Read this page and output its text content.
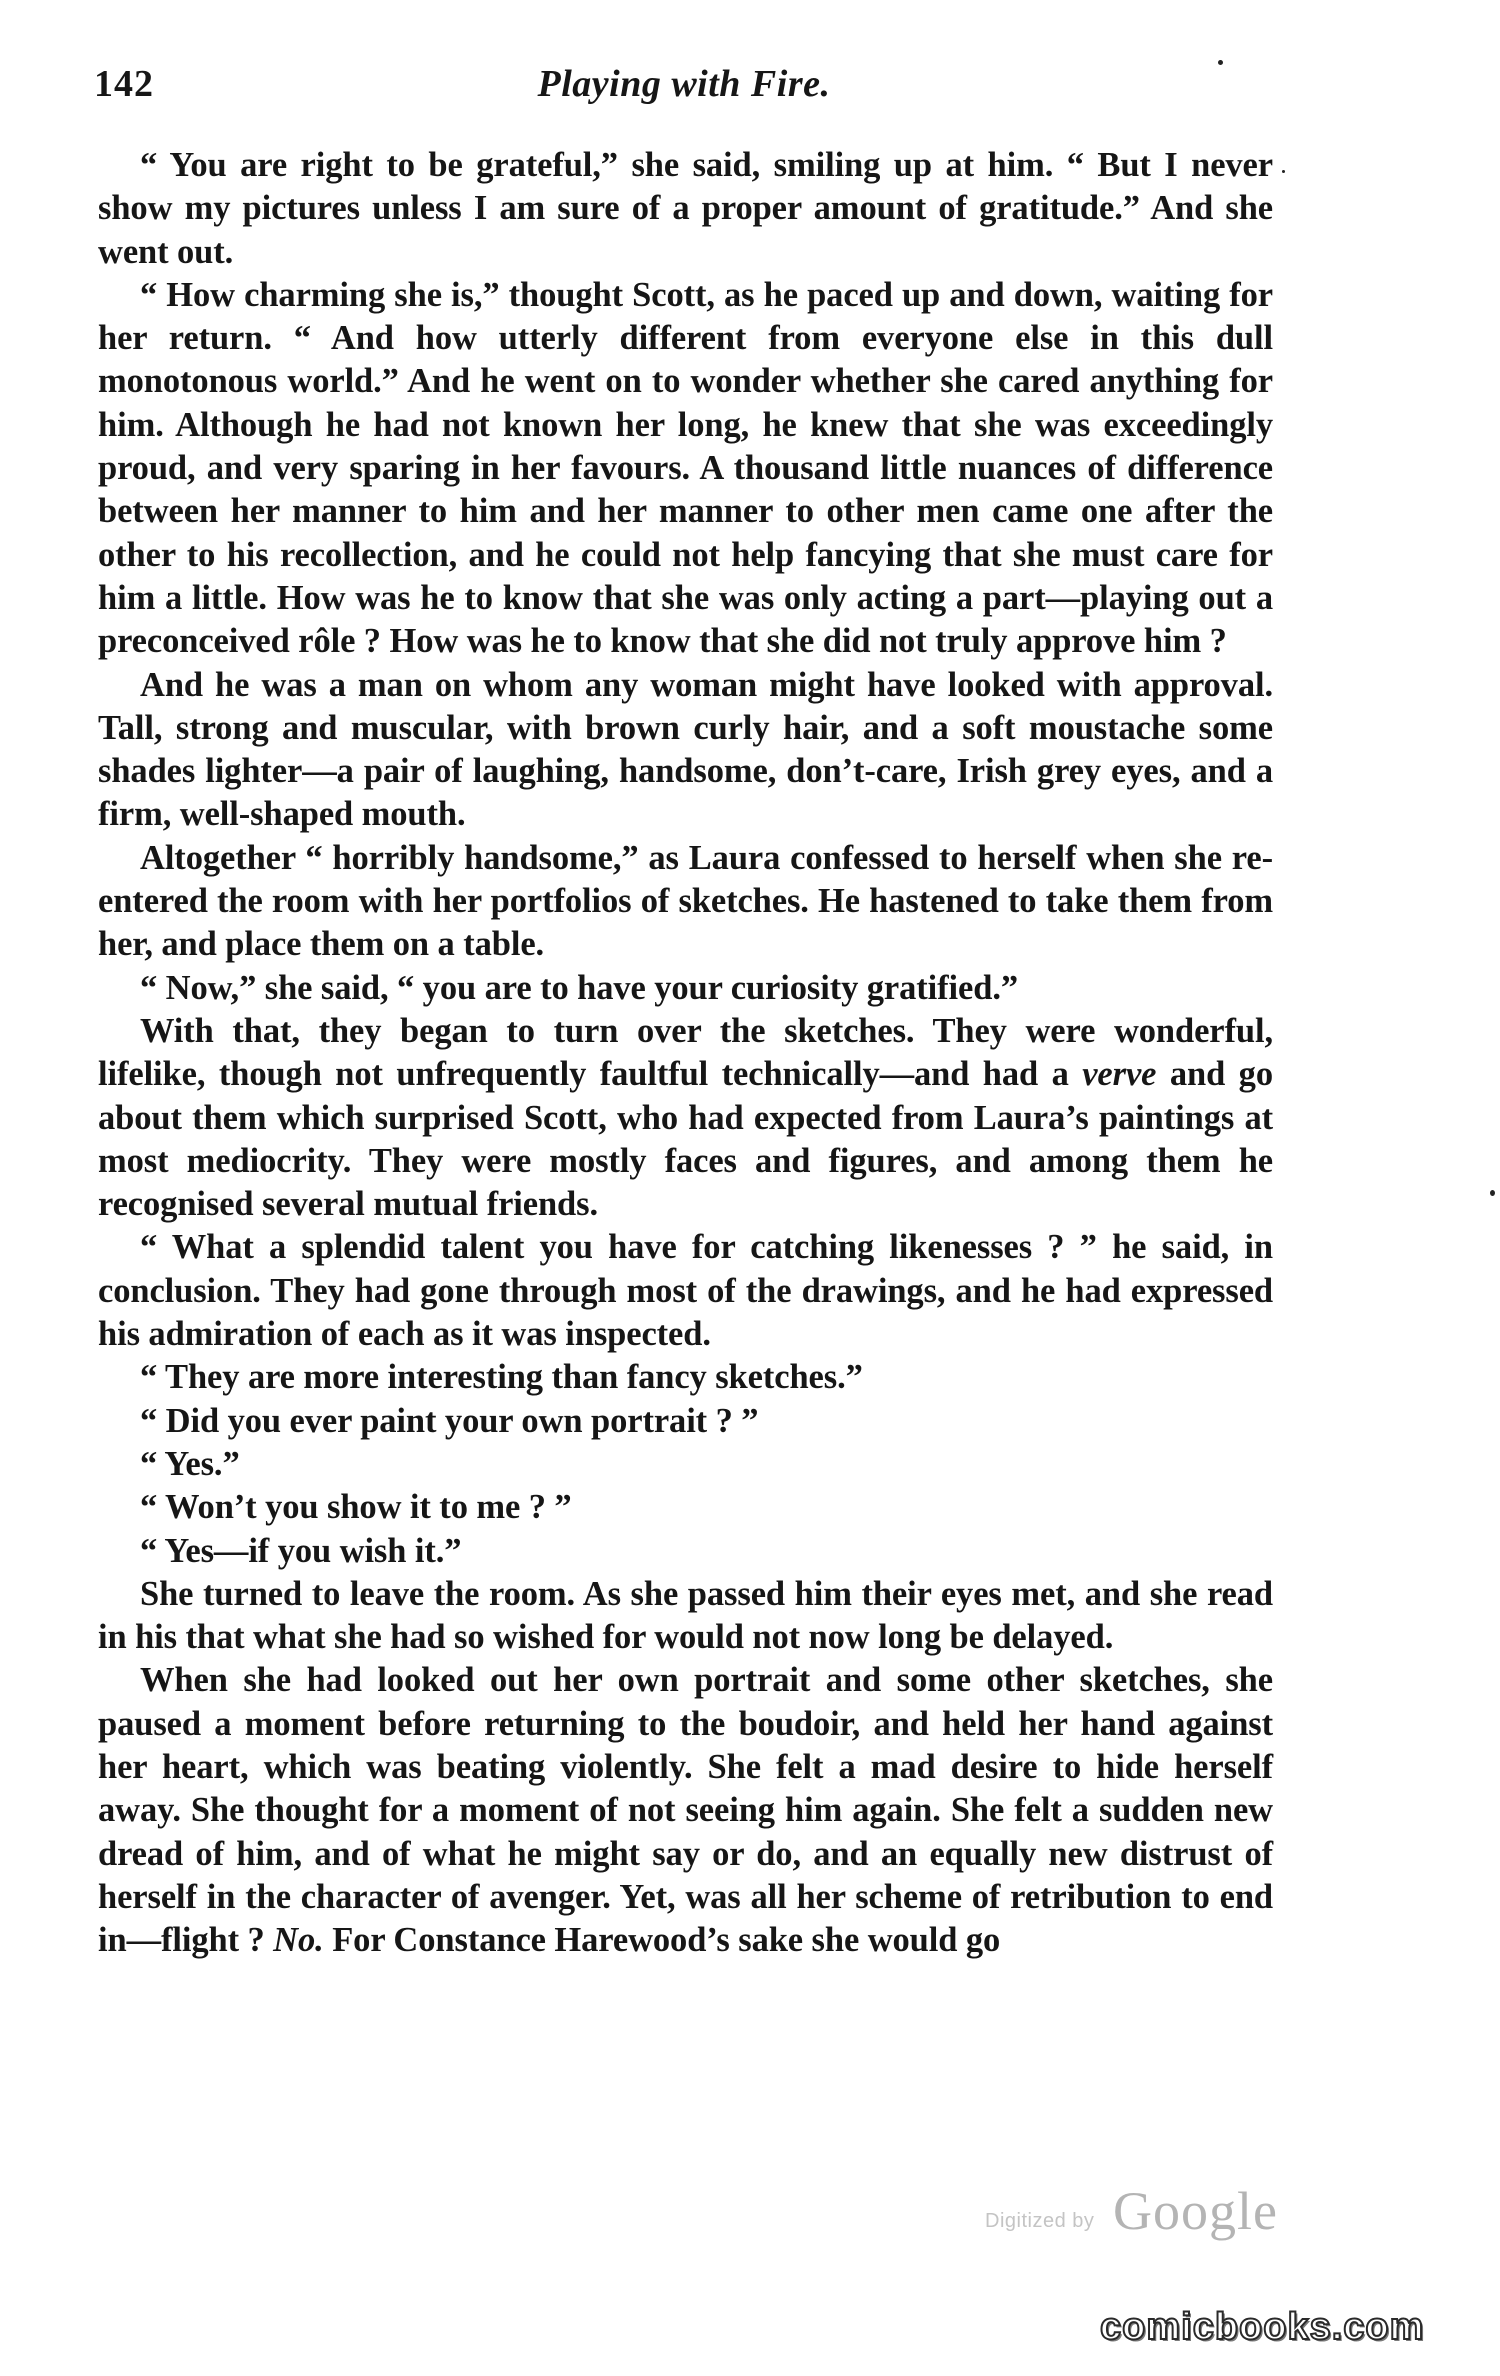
142	Playing with Fire.

“ You are right to be grateful,” she said, smiling up at him. “ But I never show my pictures unless I am sure of a proper amount of gratitude.” And she went out.

“ How charming she is,” thought Scott, as he paced up and down, waiting for her return. “ And how utterly different from everyone else in this dull monotonous world.” And he went on to wonder whether she cared anything for him. Although he had not known her long, he knew that she was exceedingly proud, and very sparing in her favours. A thousand little nuances of difference between her manner to him and her manner to other men came one after the other to his recollection, and he could not help fancying that she must care for him a little. How was he to know that she was only acting a part—playing out a preconceived rôle ? How was he to know that she did not truly approve him ?

And he was a man on whom any woman might have looked with approval. Tall, strong and muscular, with brown curly hair, and a soft moustache some shades lighter—a pair of laughing, handsome, don’t-care, Irish grey eyes, and a firm, well-shaped mouth.

Altogether “ horribly handsome,” as Laura confessed to herself when she re-entered the room with her portfolios of sketches. He hastened to take them from her, and place them on a table.

“ Now,” she said, “ you are to have your curiosity gratified.”

With that, they began to turn over the sketches. They were wonderful, lifelike, though not unfrequently faultful technically—and had a verve and go about them which surprised Scott, who had expected from Laura’s paintings at most mediocrity. They were mostly faces and figures, and among them he recognised several mutual friends.

“ What a splendid talent you have for catching likenesses ? ” he said, in conclusion. They had gone through most of the drawings, and he had expressed his admiration of each as it was inspected.

“ They are more interesting than fancy sketches.”

“ Did you ever paint your own portrait ? ”

“ Yes.”

“ Won’t you show it to me ? ”

“ Yes—if you wish it.”

She turned to leave the room. As she passed him their eyes met, and she read in his that what she had so wished for would not now long be delayed.

When she had looked out her own portrait and some other sketches, she paused a moment before returning to the boudoir, and held her hand against her heart, which was beating violently. She felt a mad desire to hide herself away. She thought for a moment of not seeing him again. She felt a sudden new dread of him, and of what he might say or do, and an equally new distrust of herself in the character of avenger. Yet, was all her scheme of retribution to end in—flight ? No. For Constance Harewood’s sake she would go

Digitized by Google
comicbooks.com
